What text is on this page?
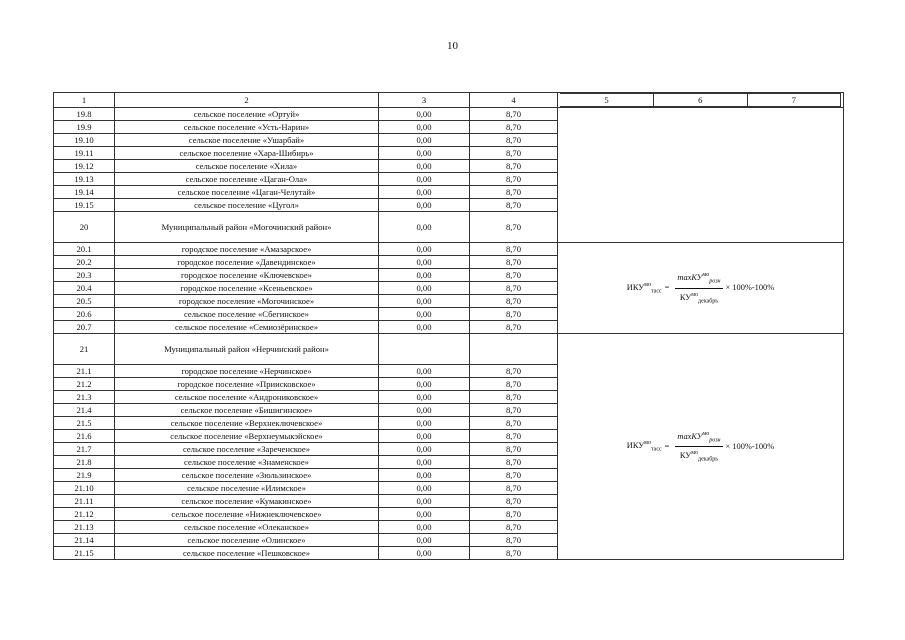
10
1	2	3	4		5	6	7

19.8	сельское поселение «Ортуй»	0,00	8,70	
19.9	сельское поселение «Усть-Нарин»	0,00	8,70
19.10	сельское поселение «Ушарбай»	0,00	8,70
19.11	сельское поселение «Хара-Шибирь»	0,00	8,70
19.12	сельское поселение «Хила»	0,00	8,70
19.13	сельское поселение «Цаган-Ола»	0,00	8,70
19.14	сельское поселение «Цаган-Челутай»	0,00	8,70
19.15	сельское поселение «Цугол»	0,00	8,70
20	Муниципальный район «Могочинский район»	0,00	8,70
20.1	городское поселение «Амазарское»	0,00	8,70	
$ИКУ^{мо}_{тасс} = \frac{\max КУ^{мо}_{розн}}{КУ^{мо}_{декабрь}} \times 100\%-100\%$

20.2	городское поселение «Давендинское»	0,00	8,70
20.3	городское поселение «Ключевское»	0,00	8,70
20.4	городское поселение «Ксеньевское»	0,00	8,70
20.5	городское поселение «Могочинское»	0,00	8,70
20.6	сельское поселение «Сбегинское»	0,00	8,70
20.7	сельское поселение «Семиозёринское»	0,00	8,70
21	Муниципальный район «Нерчинский район»			
$ИКУ^{мо}_{тасс} = \frac{\max КУ^{мо}_{розн}}{КУ^{мо}_{декабрь}} \times 100\%-100\%$

21.1	городское поселение «Нерчинское»	0,00	8,70
21.2	городское поселение «Приисковское»	0,00	8,70
21.3	сельское поселение «Андрониковское»	0,00	8,70
21.4	сельское поселение «Бишигинское»	0,00	8,70
21.5	сельское поселение «Верхнеключевское»	0,00	8,70
21.6	сельское поселение «Верхнеумыкэйское»	0,00	8,70
21.7	сельское поселение «Зареченское»	0,00	8,70
21.8	сельское поселение «Знаменское»	0,00	8,70
21.9	сельское поселение «Зюльзинское»	0,00	8,70
21.10	сельское поселение «Илимское»	0,00	8,70
21.11	сельское поселение «Кумакинское»	0,00	8,70
21.12	сельское поселение «Нижнеключевское»	0,00	8,70
21.13	сельское поселение «Олеканское»	0,00	8,70
21.14	сельское поселение «Олинское»	0,00	8,70
21.15	сельское поселение «Пешковское»	0,00	8,70
